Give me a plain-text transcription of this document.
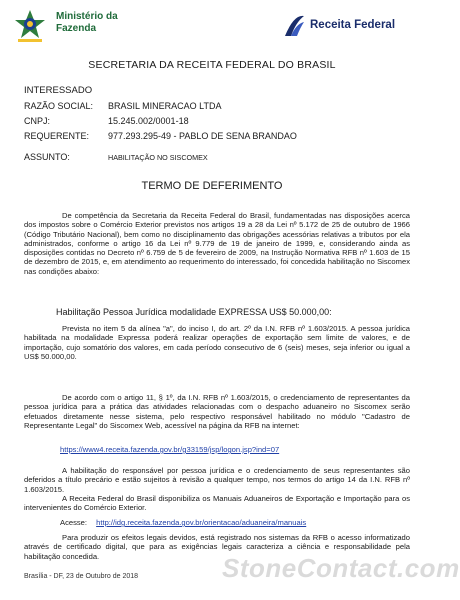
Ministério da
Fazenda	Receita Federal
SECRETARIA DA RECEITA FEDERAL DO BRASIL
INTERESSADO
RAZÃO SOCIAL: BRASIL MINERACAO LTDA
CNPJ:	15.245.002/0001-18
REQUERENTE: 977.293.295-49 - PABLO DE SENA BRANDAO
ASSUNTO:	HABILITAÇÃO NO SISCOMEX
TERMO DE DEFERIMENTO
De competência da Secretaria da Receita Federal do Brasil, fundamentadas nas disposições acerca dos impostos sobre o Comércio Exterior previstos nos artigos 19 a 28 da Lei nº 5.172 de 25 de outubro de 1966 (Código Tributário Nacional), bem como no disciplinamento das obrigações acessórias relativas a tributos por ela administrados, conforme o artigo 16 da Lei nº 9.779 de 19 de janeiro de 1999, e, considerando ainda as disposições contidas no Decreto nº 6.759 de 5 de fevereiro de 2009, na Instrução Normativa RFB nº 1.603 de 15 de dezembro de 2015, e, em atendimento ao requerimento do interessado, foi concedida habilitação no Siscomex nas condições abaixo:
Habilitação Pessoa Jurídica modalidade EXPRESSA US$ 50.000,00:
Prevista no item 5 da alínea "a", do inciso I, do art. 2º da I.N. RFB nº 1.603/2015. A pessoa jurídica habilitada na modalidade Expressa poderá realizar operações de exportação sem limite de valores, e de importação, cujo somatório dos valores, em cada período consecutivo de 6 (seis) meses, seja inferior ou igual a US$ 50.000,00.
De acordo com o artigo 11, § 1º, da I.N. RFB nº 1.603/2015, o credenciamento de representantes da pessoa jurídica para a prática das atividades relacionadas com o despacho aduaneiro no Siscomex serão efetuados diretamente nesse sistema, pelo respectivo responsável habilitado no módulo "Cadastro de Representante Legal" do Siscomex Web, acessível na página da RFB na internet:
https://www4.receita.fazenda.gov.br/g33159/jsp/logon.jsp?ind=07
A habilitação do responsável por pessoa jurídica e o credenciamento de seus representantes são deferidos a título precário e estão sujeitos à revisão a qualquer tempo, nos termos do artigo 14 da I.N. RFB nº 1.603/2015.
A Receita Federal do Brasil disponibiliza os Manuais Aduaneiros de Exportação e Importação para os intervenientes do Comércio Exterior.
Acesse: http://idg.receita.fazenda.gov.br/orientacao/aduaneira/manuais
Para produzir os efeitos legais devidos, está registrado nos sistemas da RFB o acesso informatizado através de certificado digital, que para as exigências legais caracteriza a ciência e responsabilidade pela habilitação concedida.	StoneContact.com
Brasília - DF, 23 de Outubro de 2018
